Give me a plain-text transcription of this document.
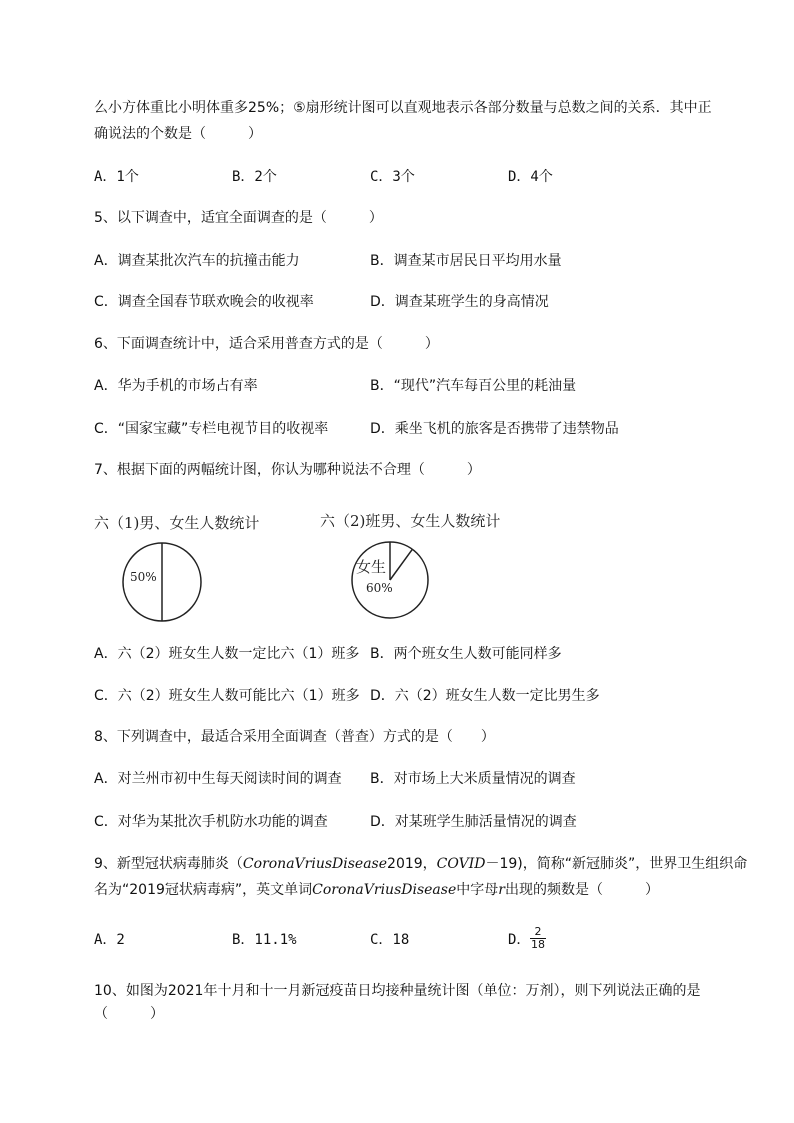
么小方体重比小明体重多25%；⑤扇形统计图可以直观地表示各部分数量与总数之间的关系．其中正
确说法的个数是（　　　）
A．1个	B．2个	C．3个	D．4个
5、以下调查中，适宜全面调查的是（　　　）
A．调查某批次汽车的抗撞击能力	B．调查某市居民日平均用水量
C．调查全国春节联欢晚会的收视率	D．调查某班学生的身高情况
6、下面调查统计中，适合采用普查方式的是（　　　）
A．华为手机的市场占有率	B．“现代”汽车每百公里的耗油量
C．“国家宝藏”专栏电视节目的收视率	D．乘坐飞机的旅客是否携带了违禁物品
7、根据下面的两幅统计图，你认为哪种说法不合理（　　　）
六（1)男、女生人数统计
50%
六（2)班男、女生人数统计
女生
60%
A．六（2）班女生人数一定比六（1）班多 B．两个班女生人数可能同样多
C．六（2）班女生人数可能比六（1）班多 D．六（2）班女生人数一定比男生多
8、下列调查中，最适合采用全面调查（普查）方式的是（　　）
A．对兰州市初中生每天阅读时间的调查 B．对市场上大米质量情况的调查
C．对华为某批次手机防水功能的调查	D．对某班学生肺活量情况的调查
9、新型冠状病毒肺炎（CoronaVriusDisease2019，COVID－19)，简称“新冠肺炎”，世界卫生组织命
名为“2019冠状病毒病”，英文单词CoronaVriusDisease中字母r出现的频数是（　　　）
A．2	B．11.1%	C．18	D． $\frac{2}{18}$
10、如图为2021年十月和十一月新冠疫苗日均接种量统计图（单位：万剂），则下列说法正确的是
（　　　）
